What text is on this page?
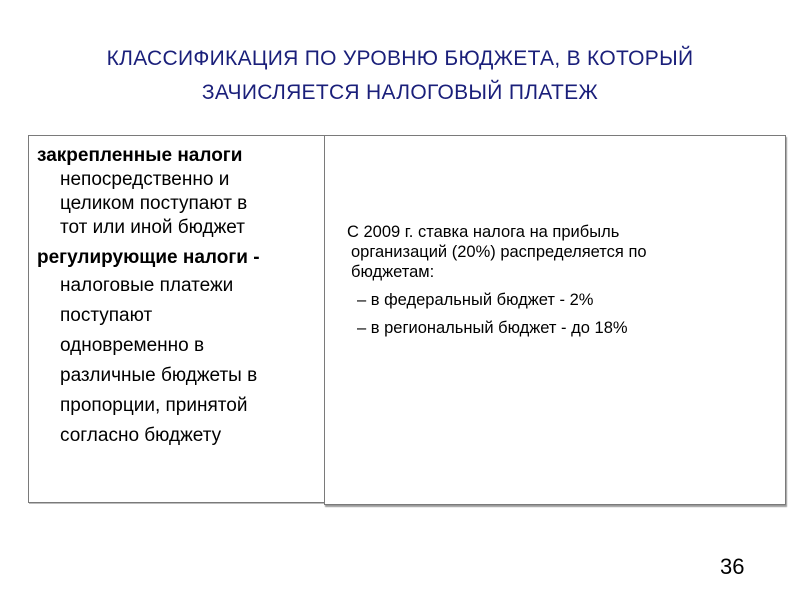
КЛАССИФИКАЦИЯ ПО УРОВНЮ БЮДЖЕТА, В КОТОРЫЙ
ЗАЧИСЛЯЕТСЯ НАЛОГОВЫЙ ПЛАТЕЖ
закрепленные налоги
непосредственно и
целиком поступают в
тот или иной бюджет
регулирующие налоги -
налоговые платежи
поступают
одновременно в
различные бюджеты в
пропорции, принятой
согласно бюджету
С 2009 г. ставка налога на прибыль
организаций (20%) распределяется по
бюджетам:
– в федеральный бюджет - 2%
– в региональный бюджет - до 18%
36
